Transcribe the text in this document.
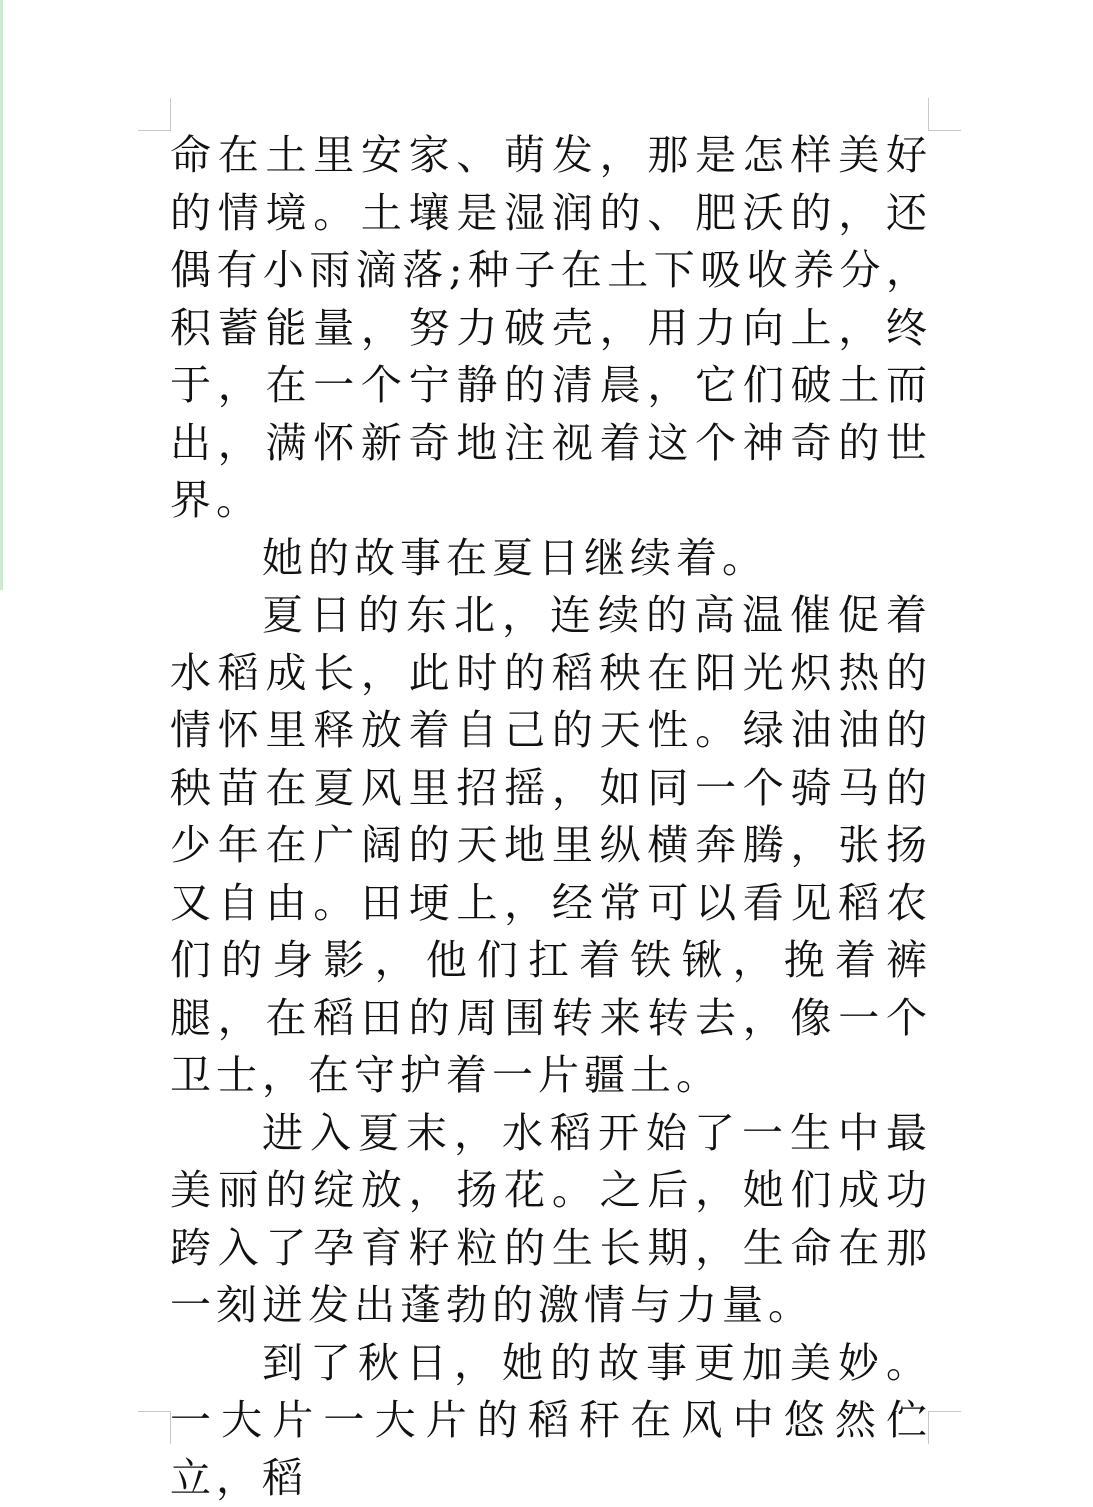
命在土里安家、萌发，那是怎样美好的情境。土壤是湿润的、肥沃的，还偶有小雨滴落;种子在土下吸收养分，积蓄能量，努力破壳，用力向上，终于，在一个宁静的清晨，它们破土而出，满怀新奇地注视着这个神奇的世界。

她的故事在夏日继续着。

夏日的东北，连续的高温催促着水稻成长，此时的稻秧在阳光炽热的情怀里释放着自己的天性。绿油油的秧苗在夏风里招摇，如同一个骑马的少年在广阔的天地里纵横奔腾，张扬又自由。田埂上，经常可以看见稻农们的身影，他们扛着铁锹，挽着裤腿，在稻田的周围转来转去，像一个卫士，在守护着一片疆土。

进入夏末，水稻开始了一生中最美丽的绽放，扬花。之后，她们成功跨入了孕育籽粒的生长期，生命在那一刻迸发出蓬勃的激情与力量。

到了秋日，她的故事更加美妙。一大片一大片的稻秆在风中悠然伫立，稻
